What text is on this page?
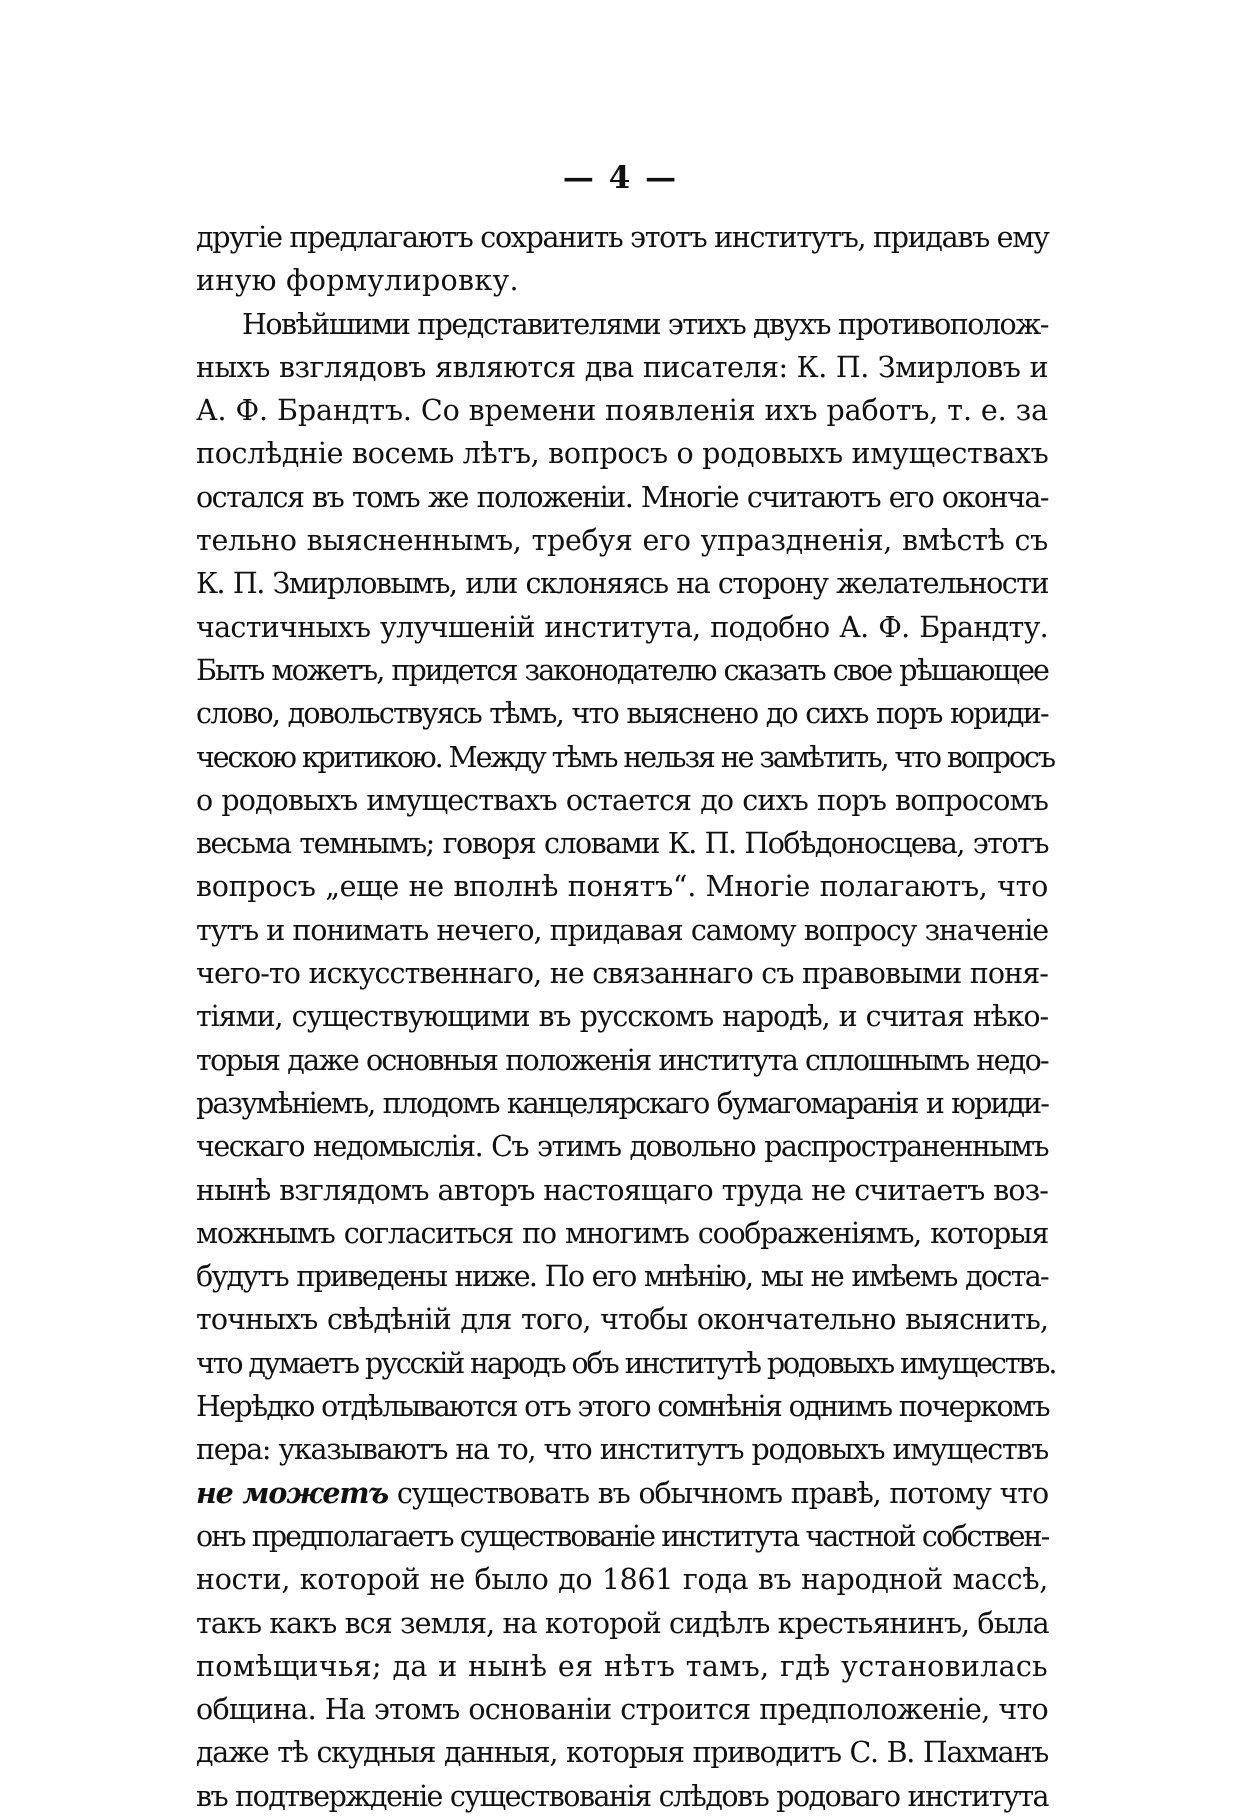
— 4 —
другіе предлагаютъ сохранить этотъ институтъ, придавъ ему
иную формулировку.
Новѣйшими представителями этихъ двухъ противополож-
ныхъ взглядовъ являются два писателя: К. П. Змирловъ и
А. Ф. Брандтъ. Со времени появленія ихъ работъ, т. е. за
послѣдніе восемь лѣтъ, вопросъ о родовыхъ имуществахъ
остался въ томъ же положеніи. Многіе считаютъ его оконча-
тельно выясненнымъ, требуя его упраздненія, вмѣстѣ съ
К. П. Змирловымъ, или склоняясь на сторону желательности
частичныхъ улучшеній института, подобно А. Ф. Брандту.
Быть можетъ, придется законодателю сказать свое рѣшающее
слово, довольствуясь тѣмъ, что выяснено до сихъ поръ юриди-
ческою критикою. Между тѣмъ нельзя не замѣтить, что вопросъ
о родовыхъ имуществахъ остается до сихъ поръ вопросомъ
весьма темнымъ; говоря словами К. П. Побѣдоносцева, этотъ
вопросъ „еще не вполнѣ понятъ“. Многіе полагаютъ, что
тутъ и понимать нечего, придавая самому вопросу значеніе
чего-то искусственнаго, не связаннаго съ правовыми поня-
тіями, существующими въ русскомъ народѣ, и считая нѣко-
торыя даже основныя положенія института сплошнымъ недо-
разумѣніемъ, плодомъ канцелярскаго бумагомаранія и юриди-
ческаго недомыслія. Съ этимъ довольно распространеннымъ
нынѣ взглядомъ авторъ настоящаго труда не считаетъ воз-
можнымъ согласиться по многимъ соображеніямъ, которыя
будутъ приведены ниже. По его мнѣнію, мы не имѣемъ доста-
точныхъ свѣдѣній для того, чтобы окончательно выяснить,
что думаетъ русскій народъ объ институтѣ родовыхъ имуществъ.
Нерѣдко отдѣлываются отъ этого сомнѣнія однимъ почеркомъ
пера: указываютъ на то, что институтъ родовыхъ имуществъ
не можетъ существовать въ обычномъ правѣ, потому что
онъ предполагаетъ существованіе института частной собствен-
ности, которой не было до 1861 года въ народной массѣ,
такъ какъ вся земля, на которой сидѣлъ крестьянинъ, была
помѣщичья; да и нынѣ ея нѣтъ тамъ, гдѣ установилась
община. На этомъ основаніи строится предположеніе, что
даже тѣ скудныя данныя, которыя приводитъ С. В. Пахманъ
въ подтвержденіе существованія слѣдовъ родоваго института
